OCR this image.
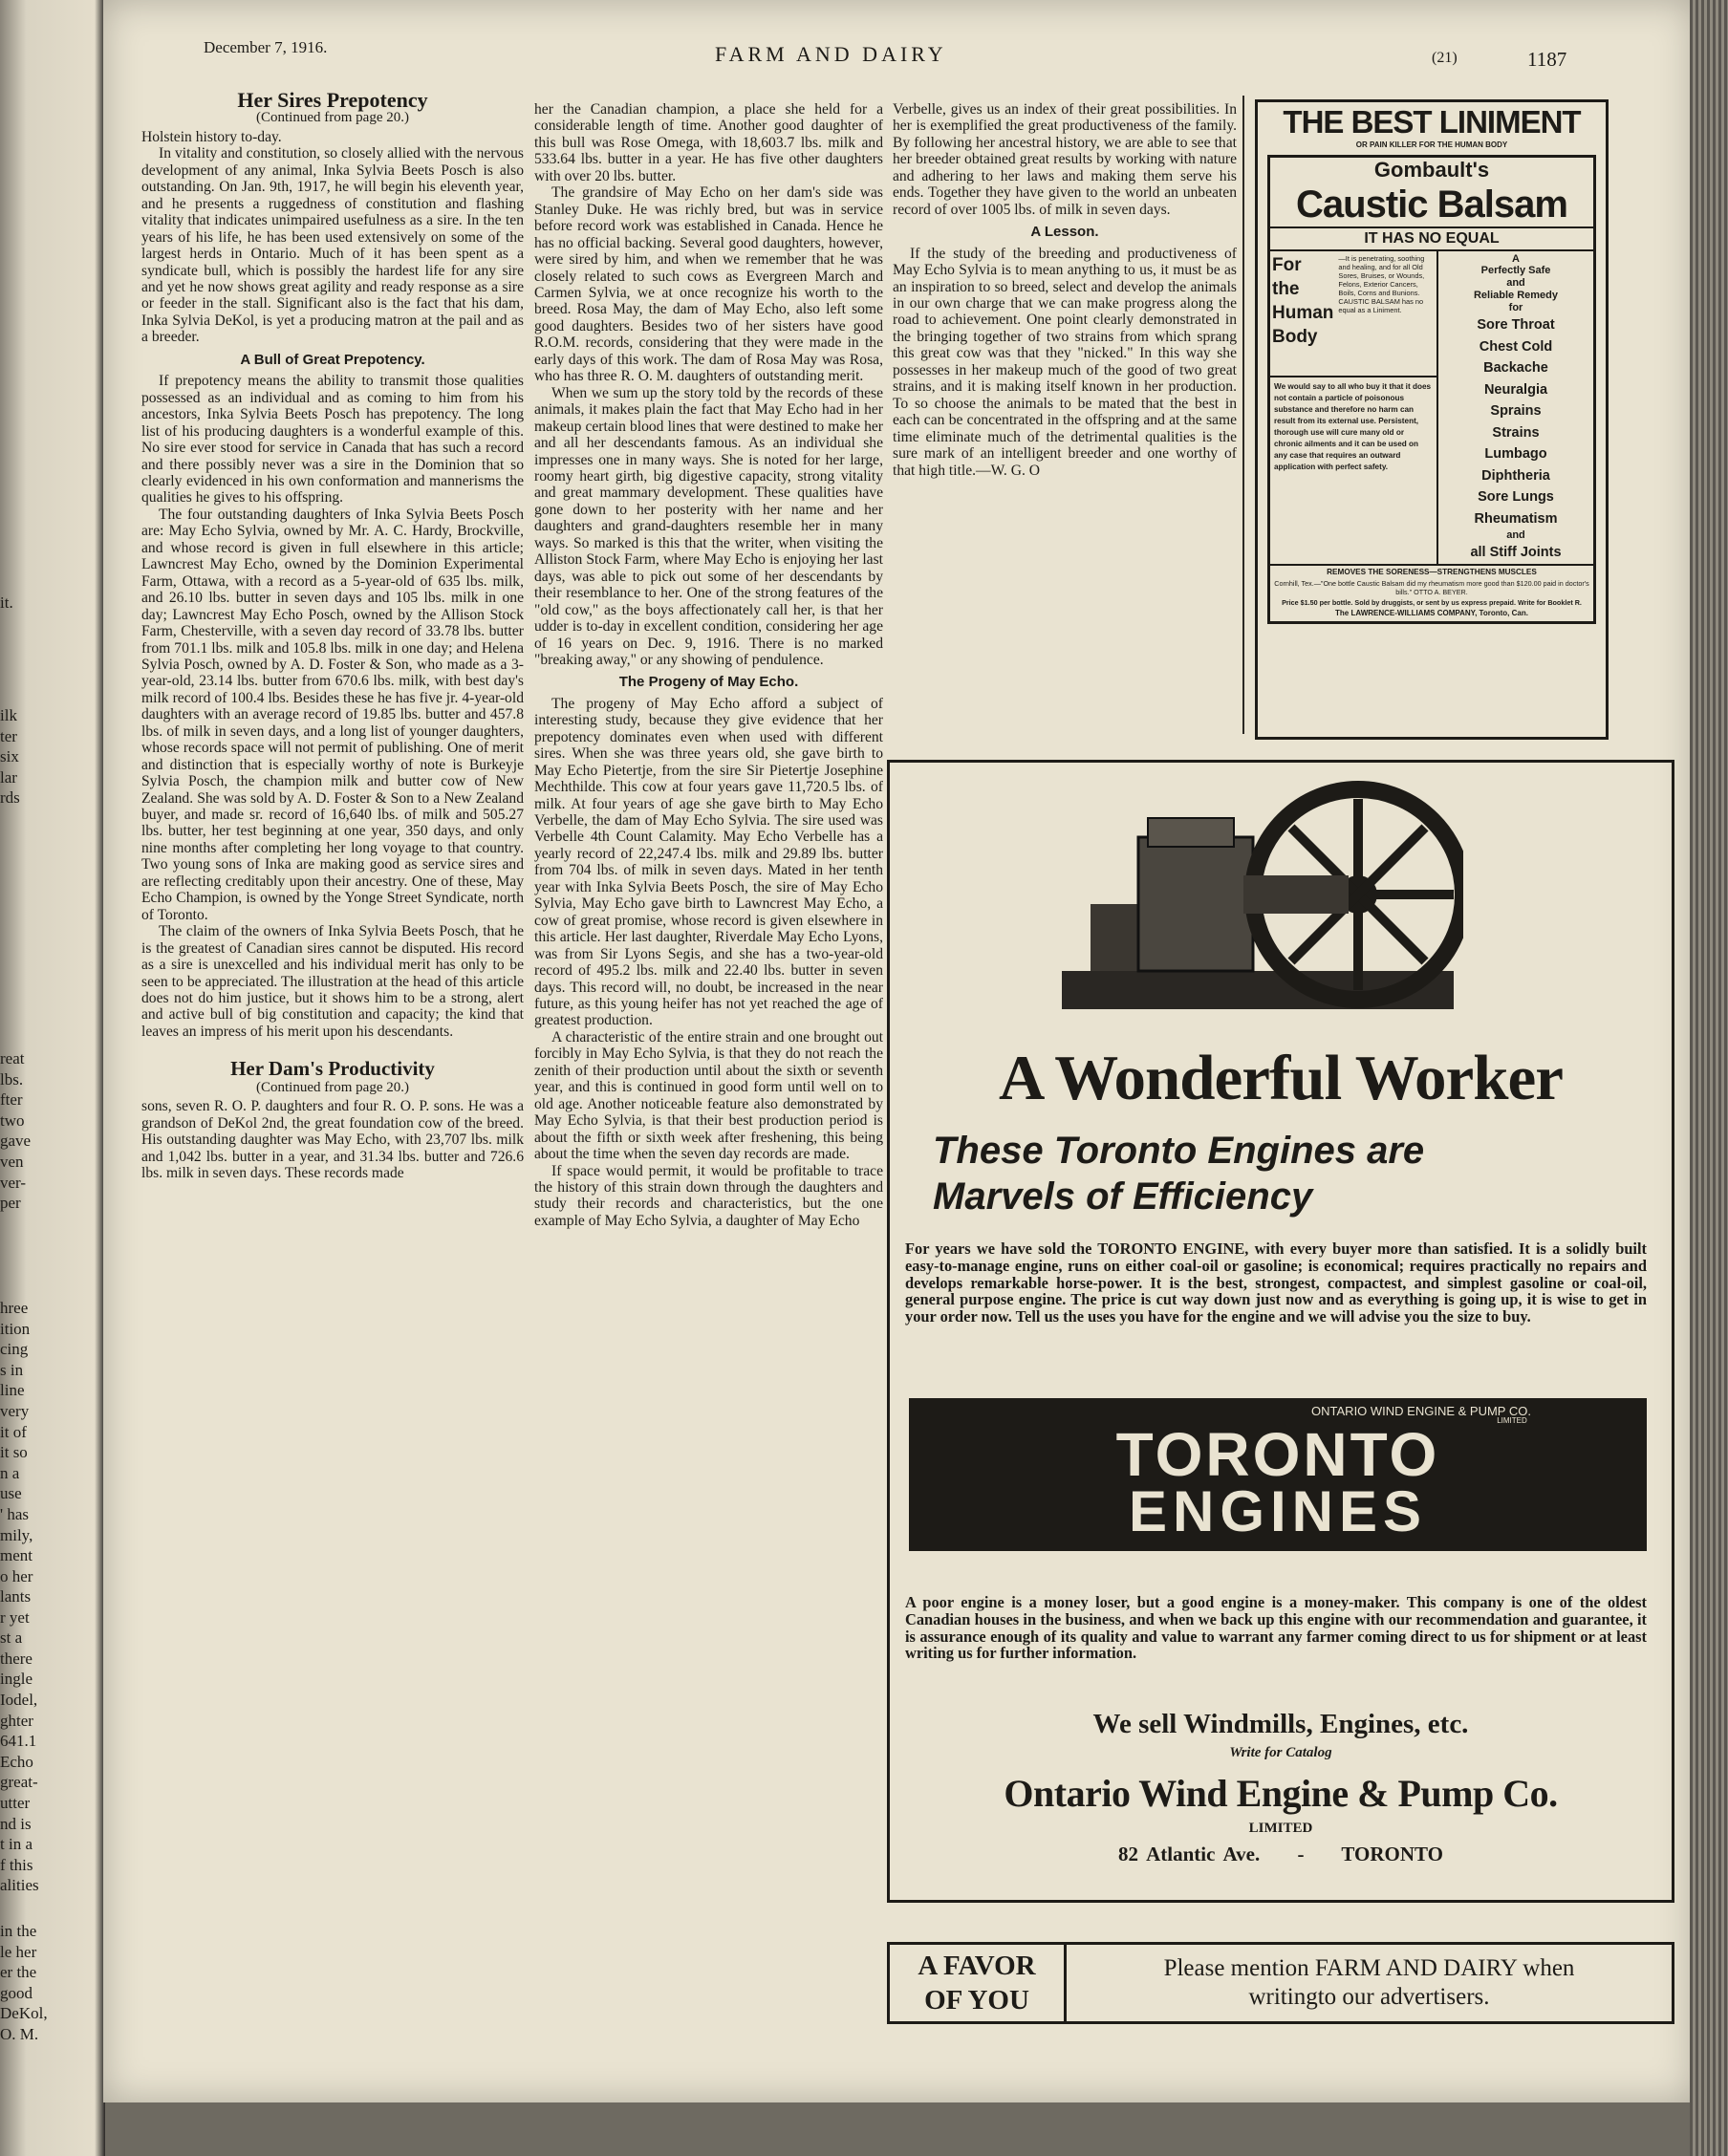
it.
ilk
ter
six
lar
rds
reat
lbs.
fter
two
gave
ven
ver-
per
hree
ition
cing
s in
line
very
it of
it so
n a
use
' has
mily,
ment
o her
lants
r yet
st a
there
ingle
Iodel,
ghter
641.1
Echo
great-
utter
nd is
t in a
f this
alities
in the
le her
er the
good
DeKol,
O. M.
December 7, 1916.	FARM AND DAIRY	(21)	1187
Her Sires Prepotency
(Continued from page 20.)

Holstein history to-day.

In vitality and constitution, so closely allied with the nervous development of any animal, Inka Sylvia Beets Posch is also outstanding. On Jan. 9th, 1917, he will begin his eleventh year, and he presents a ruggedness of constitution and flashing vitality that indicates unimpaired usefulness as a sire. In the ten years of his life, he has been used extensively on some of the largest herds in Ontario. Much of it has been spent as a syndicate bull, which is possibly the hardest life for any sire and yet he now shows great agility and ready response as a sire or feeder in the stall. Significant also is the fact that his dam, Inka Sylvia DeKol, is yet a producing matron at the pail and as a breeder.

A Bull of Great Prepotency.

If prepotency means the ability to transmit those qualities possessed as an individual and as coming to him from his ancestors, Inka Sylvia Beets Posch has prepotency. The long list of his producing daughters is a wonderful example of this. No sire ever stood for service in Canada that has such a record and there possibly never was a sire in the Dominion that so clearly evidenced in his own conformation and mannerisms the qualities he gives to his offspring.

The four outstanding daughters of Inka Sylvia Beets Posch are: May Echo Sylvia, owned by Mr. A. C. Hardy, Brockville, and whose record is given in full elsewhere in this article; Lawncrest May Echo, owned by the Dominion Experimental Farm, Ottawa, with a record as a 5-year-old of 635 lbs. milk, and 26.10 lbs. butter in seven days and 105 lbs. milk in one day; Lawncrest May Echo Posch, owned by the Allison Stock Farm, Chesterville, with a seven day record of 33.78 lbs. butter from 701.1 lbs. milk and 105.8 lbs. milk in one day; and Helena Sylvia Posch, owned by A. D. Foster & Son, who made as a 3-year-old, 23.14 lbs. butter from 670.6 lbs. milk, with best day's milk record of 100.4 lbs. Besides these he has five jr. 4-year-old daughters with an average record of 19.85 lbs. butter and 457.8 lbs. of milk in seven days, and a long list of younger daughters, whose records space will not permit of publishing. One of merit and distinction that is especially worthy of note is Burkeyje Sylvia Posch, the champion milk and butter cow of New Zealand. She was sold by A. D. Foster & Son to a New Zealand buyer, and made sr. record of 16,640 lbs. of milk and 505.27 lbs. butter, her test beginning at one year, 350 days, and only nine months after completing her long voyage to that country. Two young sons of Inka are making good as service sires and are reflecting creditably upon their ancestry. One of these, May Echo Champion, is owned by the Yonge Street Syndicate, north of Toronto.

The claim of the owners of Inka Sylvia Beets Posch, that he is the greatest of Canadian sires cannot be disputed. His record as a sire is unexcelled and his individual merit has only to be seen to be appreciated. The illustration at the head of this article does not do him justice, but it shows him to be a strong, alert and active bull of big constitution and capacity; the kind that leaves an impress of his merit upon his descendants.

Her Dam's Productivity
(Continued from page 20.)

sons, seven R. O. P. daughters and four R. O. P. sons. He was a grandson of DeKol 2nd, the great foundation cow of the breed. His outstanding daughter was May Echo, with 23,707 lbs. milk and 1,042 lbs. butter in a year, and 31.34 lbs. butter and 726.6 lbs. milk in seven days. These records made

her the Canadian champion, a place she held for a considerable length of time. Another good daughter of this bull was Rose Omega, with 18,603.7 lbs. milk and 533.64 lbs. butter in a year. He has five other daughters with over 20 lbs. butter.

The grandsire of May Echo on her dam's side was Stanley Duke. He was richly bred, but was in service before record work was established in Canada. Hence he has no official backing. Several good daughters, however, were sired by him, and when we remember that he was closely related to such cows as Evergreen March and Carmen Sylvia, we at once recognize his worth to the breed. Rosa May, the dam of May Echo, also left some good daughters. Besides two of her sisters have good R.O.M. records, considering that they were made in the early days of this work. The dam of Rosa May was Rosa, who has three R. O. M. daughters of outstanding merit.

When we sum up the story told by the records of these animals, it makes plain the fact that May Echo had in her makeup certain blood lines that were destined to make her and all her descendants famous. As an individual she impresses one in many ways. She is noted for her large, roomy heart girth, big digestive capacity, strong vitality and great mammary development. These qualities have gone down to her posterity with her name and her daughters and grand-daughters resemble her in many ways. So marked is this that the writer, when visiting the Alliston Stock Farm, where May Echo is enjoying her last days, was able to pick out some of her descendants by their resemblance to her. One of the strong features of the "old cow," as the boys affectionately call her, is that her udder is to-day in excellent condition, considering her age of 16 years on Dec. 9, 1916. There is no marked "breaking away," or any showing of pendulence.

The Progeny of May Echo.

The progeny of May Echo afford a subject of interesting study, because they give evidence that her prepotency dominates even when used with different sires. When she was three years old, she gave birth to May Echo Pietertje, from the sire Sir Pietertje Josephine Mechthilde. This cow at four years gave 11,720.5 lbs. of milk. At four years of age she gave birth to May Echo Verbelle, the dam of May Echo Sylvia. The sire used was Verbelle 4th Count Calamity. May Echo Verbelle has a yearly record of 22,247.4 lbs. milk and 29.89 lbs. butter from 704 lbs. of milk in seven days. Mated in her tenth year with Inka Sylvia Beets Posch, the sire of May Echo Sylvia, May Echo gave birth to Lawncrest May Echo, a cow of great promise, whose record is given elsewhere in this article. Her last daughter, Riverdale May Echo Lyons, was from Sir Lyons Segis, and she has a two-year-old record of 495.2 lbs. milk and 22.40 lbs. butter in seven days. This record will, no doubt, be increased in the near future, as this young heifer has not yet reached the age of greatest production.

A characteristic of the entire strain and one brought out forcibly in May Echo Sylvia, is that they do not reach the zenith of their production until about the sixth or seventh year, and this is continued in good form until well on to old age. Another noticeable feature also demonstrated by May Echo Sylvia, is that their best production period is about the fifth or sixth week after freshening, this being about the time when the seven day records are made.

If space would permit, it would be profitable to trace the history of this strain down through the daughters and study their records and characteristics, but the one example of May Echo Sylvia, a daughter of May Echo

Verbelle, gives us an index of their great possibilities. In her is exemplified the great productiveness of the family. By following her ancestral history, we are able to see that her breeder obtained great results by working with nature and adhering to her laws and making them serve his ends. Together they have given to the world an unbeaten record of over 1005 lbs. of milk in seven days.

A Lesson.

If the study of the breeding and productiveness of May Echo Sylvia is to mean anything to us, it must be as an inspiration to so breed, select and develop the animals in our own charge that we can make progress along the road to achievement. One point clearly demonstrated in the bringing together of two strains from which sprang this great cow was that they "nicked." In this way she possesses in her makeup much of the good of two great strains, and it is making itself known in her production. To so choose the animals to be mated that the best in each can be concentrated in the offspring and at the same time eliminate much of the detrimental qualities is the sure mark of an intelligent breeder and one worthy of that high title.—W. G. O

THE BEST LINIMENT
OR PAIN KILLER FOR THE HUMAN BODY
Gombault's
Caustic Balsam
IT HAS NO EQUAL
For
the
Human
Body
—It is penetrating, soothing and healing, and for all Old Sores, Bruises, or Wounds, Felons, Exterior Cancers, Boils, Corns and Bunions. CAUSTIC BALSAM has no equal as a Liniment.
We would say to all who buy it that it does not contain a particle of poisonous substance and therefore no harm can result from its external use. Persistent, thorough use will cure many old or chronic ailments and it can be used on any case that requires an outward application with perfect safety.
A
Perfectly Safe
and
Reliable Remedy
for
Sore Throat
Chest Cold
Backache
Neuralgia
Sprains
Strains
Lumbago
Diphtheria
Sore Lungs
Rheumatism
and
all Stiff Joints
REMOVES THE SORENESS—STRENGTHENS MUSCLES
Cornhill, Tex.—"One bottle Caustic Balsam did my rheumatism more good than $120.00 paid in doctor's bills." OTTO A. BEYER.
Price $1.50 per bottle. Sold by druggists, or sent by us express prepaid. Write for Booklet R.
The LAWRENCE-WILLIAMS COMPANY, Toronto, Can.
A Wonderful Worker
These Toronto Engines are
Marvels of Efficiency
For years we have sold the TORONTO ENGINE, with every buyer more than satisfied. It is a solidly built easy-to-manage engine, runs on either coal-oil or gasoline; is economical; requires practically no repairs and develops remarkable horse-power. It is the best, strongest, compactest, and simplest gasoline or coal-oil, general purpose engine. The price is cut way down just now and as everything is going up, it is wise to get in your order now. Tell us the uses you have for the engine and we will advise you the size to buy.
ONTARIO WIND ENGINE & PUMP CO.
LIMITED
TORONTO
ENGINES
A poor engine is a money loser, but a good engine is a money-maker. This company is one of the oldest Canadian houses in the business, and when we back up this engine with our recommendation and guarantee, it is assurance enough of its quality and value to warrant any farmer coming direct to us for shipment or at least writing us for further information.
We sell Windmills, Engines, etc.
Write for Catalog
Ontario Wind Engine & Pump Co.
LIMITED
82 Atlantic Ave. - TORONTO
A FAVOR
OF YOU
Please mention FARM AND DAIRY when
writingto our advertisers.
